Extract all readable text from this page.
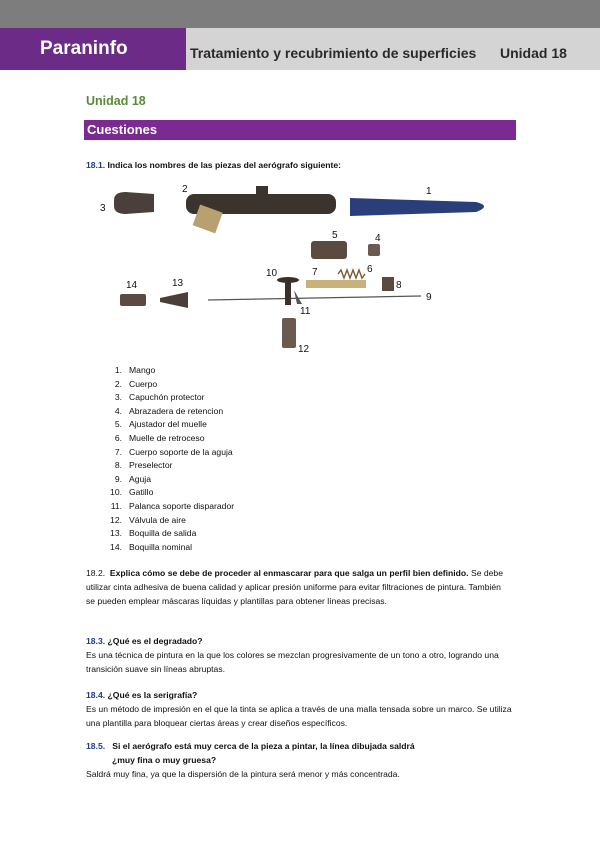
Paraninfo	Tratamiento y recubrimiento de superficies Unidad 18
Unidad 18
Cuestiones
18.1. Indica los nombres de las piezas del aerógrafo siguiente:
1
2
3
4
5
6
7
8
9
10
11
12
13
14
1. Mango
2. Cuerpo
3. Capuchón protector
4. Abrazadera de retencion
5. Ajustador del muelle
6. Muelle de retroceso
7. Cuerpo soporte de la aguja
8. Preselector
9. Aguja
10. Gatillo
11. Palanca soporte disparador
12. Válvula de aire
13. Boquilla de salida
14. Boquilla nominal
18.2. Explica cómo se debe de proceder al enmascarar para que salga un perfil bien definido. Se debe utilizar cinta adhesiva de buena calidad y aplicar presión uniforme para evitar filtraciones de pintura. También se pueden emplear máscaras líquidas y plantillas para obtener líneas precisas.
18.3. ¿Qué es el degradado?
Es una técnica de pintura en la que los colores se mezclan progresivamente de un tono a otro, logrando una transición suave sin líneas abruptas.
18.4. ¿Qué es la serigrafía?
Es un método de impresión en el que la tinta se aplica a través de una malla tensada sobre un marco. Se utiliza una plantilla para bloquear ciertas áreas y crear diseños específicos.
18.5. Si el aerógrafo está muy cerca de la pieza a pintar, la línea dibujada saldrá
¿muy fina o muy gruesa?
Saldrá muy fina, ya que la dispersión de la pintura será menor y más concentrada.
